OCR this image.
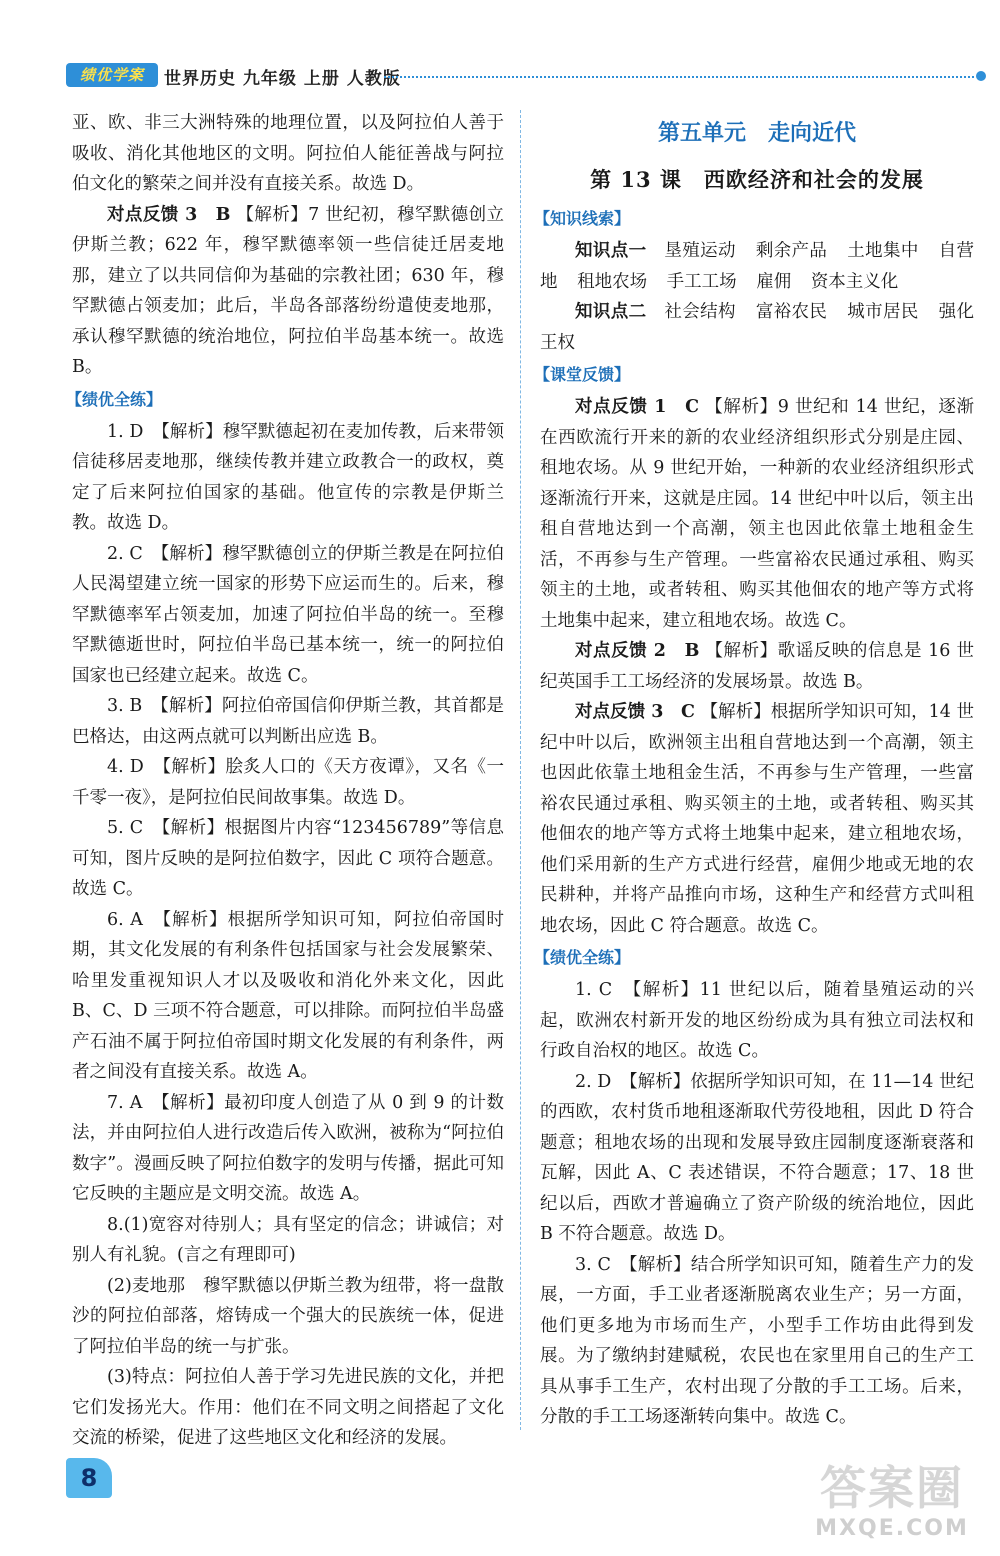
绩优学案	世界历史 九年级 上册 人教版

亚、欧、非三大洲特殊的地理位置，以及阿拉伯人善于吸收、消化其他地区的文明。阿拉伯人能征善战与阿拉伯文化的繁荣之间并没有直接关系。故选 D。

对点反馈 3　B 【解析】7 世纪初，穆罕默德创立伊斯兰教；622 年，穆罕默德率领一些信徒迁居麦地那，建立了以共同信仰为基础的宗教社团；630 年，穆罕默德占领麦加；此后，半岛各部落纷纷遣使麦地那，承认穆罕默德的统治地位，阿拉伯半岛基本统一。故选 B。

【绩优全练】

1. D　【解析】穆罕默德起初在麦加传教，后来带领信徒移居麦地那，继续传教并建立政教合一的政权，奠定了后来阿拉伯国家的基础。他宣传的宗教是伊斯兰教。故选 D。

2. C　【解析】穆罕默德创立的伊斯兰教是在阿拉伯人民渴望建立统一国家的形势下应运而生的。后来，穆罕默德率军占领麦加，加速了阿拉伯半岛的统一。至穆罕默德逝世时，阿拉伯半岛已基本统一，统一的阿拉伯国家也已经建立起来。故选 C。

3. B　【解析】阿拉伯帝国信仰伊斯兰教，其首都是巴格达，由这两点就可以判断出应选 B。

4. D　【解析】脍炙人口的《天方夜谭》，又名《一千零一夜》，是阿拉伯民间故事集。故选 D。

5. C　【解析】根据图片内容“123456789”等信息可知，图片反映的是阿拉伯数字，因此 C 项符合题意。故选 C。

6. A　【解析】根据所学知识可知，阿拉伯帝国时期，其文化发展的有利条件包括国家与社会发展繁荣、哈里发重视知识人才以及吸收和消化外来文化，因此 B、C、D 三项不符合题意，可以排除。而阿拉伯半岛盛产石油不属于阿拉伯帝国时期文化发展的有利条件，两者之间没有直接关系。故选 A。

7. A　【解析】最初印度人创造了从 0 到 9 的计数法，并由阿拉伯人进行改造后传入欧洲，被称为“阿拉伯数字”。漫画反映了阿拉伯数字的发明与传播，据此可知它反映的主题应是文明交流。故选 A。

8.(1)宽容对待别人；具有坚定的信念；讲诚信；对别人有礼貌。(言之有理即可)

(2)麦地那　穆罕默德以伊斯兰教为纽带，将一盘散沙的阿拉伯部落，熔铸成一个强大的民族统一体，促进了阿拉伯半岛的统一与扩张。

(3)特点：阿拉伯人善于学习先进民族的文化，并把它们发扬光大。作用：他们在不同文明之间搭起了文化交流的桥梁，促进了这些地区文化和经济的发展。

第五单元　走向近代
第 13 课　西欧经济和社会的发展
【知识线索】

知识点一 垦殖运动 剩余产品 土地集中 自营地 租地农场 手工工场 雇佣 资本主义化

知识点二 社会结构 富裕农民 城市居民 强化王权

【课堂反馈】

对点反馈 1　C 【解析】9 世纪和 14 世纪，逐渐在西欧流行开来的新的农业经济组织形式分别是庄园、租地农场。从 9 世纪开始，一种新的农业经济组织形式逐渐流行开来，这就是庄园。14 世纪中叶以后，领主出租自营地达到一个高潮，领主也因此依靠土地租金生活，不再参与生产管理。一些富裕农民通过承租、购买领主的土地，或者转租、购买其他佃农的地产等方式将土地集中起来，建立租地农场。故选 C。

对点反馈 2　B 【解析】歌谣反映的信息是 16 世纪英国手工工场经济的发展场景。故选 B。

对点反馈 3　C 【解析】根据所学知识可知，14 世纪中叶以后，欧洲领主出租自营地达到一个高潮，领主也因此依靠土地租金生活，不再参与生产管理，一些富裕农民通过承租、购买领主的土地，或者转租、购买其他佃农的地产等方式将土地集中起来，建立租地农场，他们采用新的生产方式进行经营，雇佣少地或无地的农民耕种，并将产品推向市场，这种生产和经营方式叫租地农场，因此 C 符合题意。故选 C。

【绩优全练】

1. C　【解析】11 世纪以后，随着垦殖运动的兴起，欧洲农村新开发的地区纷纷成为具有独立司法权和行政自治权的地区。故选 C。

2. D　【解析】依据所学知识可知，在 11—14 世纪的西欧，农村货币地租逐渐取代劳役地租，因此 D 符合题意；租地农场的出现和发展导致庄园制度逐渐衰落和瓦解，因此 A、C 表述错误，不符合题意；17、18 世纪以后，西欧才普遍确立了资产阶级的统治地位，因此 B 不符合题意。故选 D。

3. C　【解析】结合所学知识可知，随着生产力的发展，一方面，手工业者逐渐脱离农业生产；另一方面，他们更多地为市场而生产，小型手工作坊由此得到发展。为了缴纳封建赋税，农民也在家里用自己的生产工具从事手工生产，农村出现了分散的手工工场。后来，分散的手工工场逐渐转向集中。故选 C。

8	答案圈
MXQE.COM
